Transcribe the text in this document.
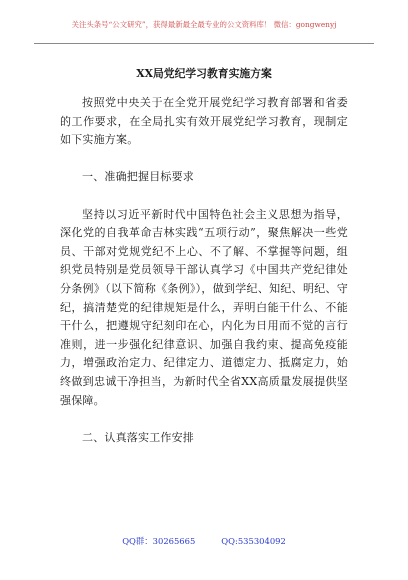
关注头条号“公文研究”，获得最新最全最专业的公文资料库！ 微信：gongwenyj
XX局党纪学习教育实施方案

按照党中央关于在全党开展党纪学习教育部署和省委的工作要求，在全局扎实有效开展党纪学习教育，现制定如下实施方案。

一、准确把握目标要求

坚持以习近平新时代中国特色社会主义思想为指导，深化党的自我革命吉林实践“五项行动”，聚焦解决一些党员、干部对党规党纪不上心、不了解、不掌握等问题，组织党员特别是党员领导干部认真学习《中国共产党纪律处分条例》（以下简称《条例》），做到学纪、知纪、明纪、守纪，搞清楚党的纪律规矩是什么，弄明白能干什么、不能干什么，把遵规守纪刻印在心，内化为日用而不觉的言行准则，进一步强化纪律意识、加强自我约束、提高免疫能力，增强政治定力、纪律定力、道德定力、抵腐定力，始终做到忠诚干净担当，为新时代全省XX高质量发展提供坚强保障。

二、认真落实工作安排

QQ群：30265665	QQ:535304092
